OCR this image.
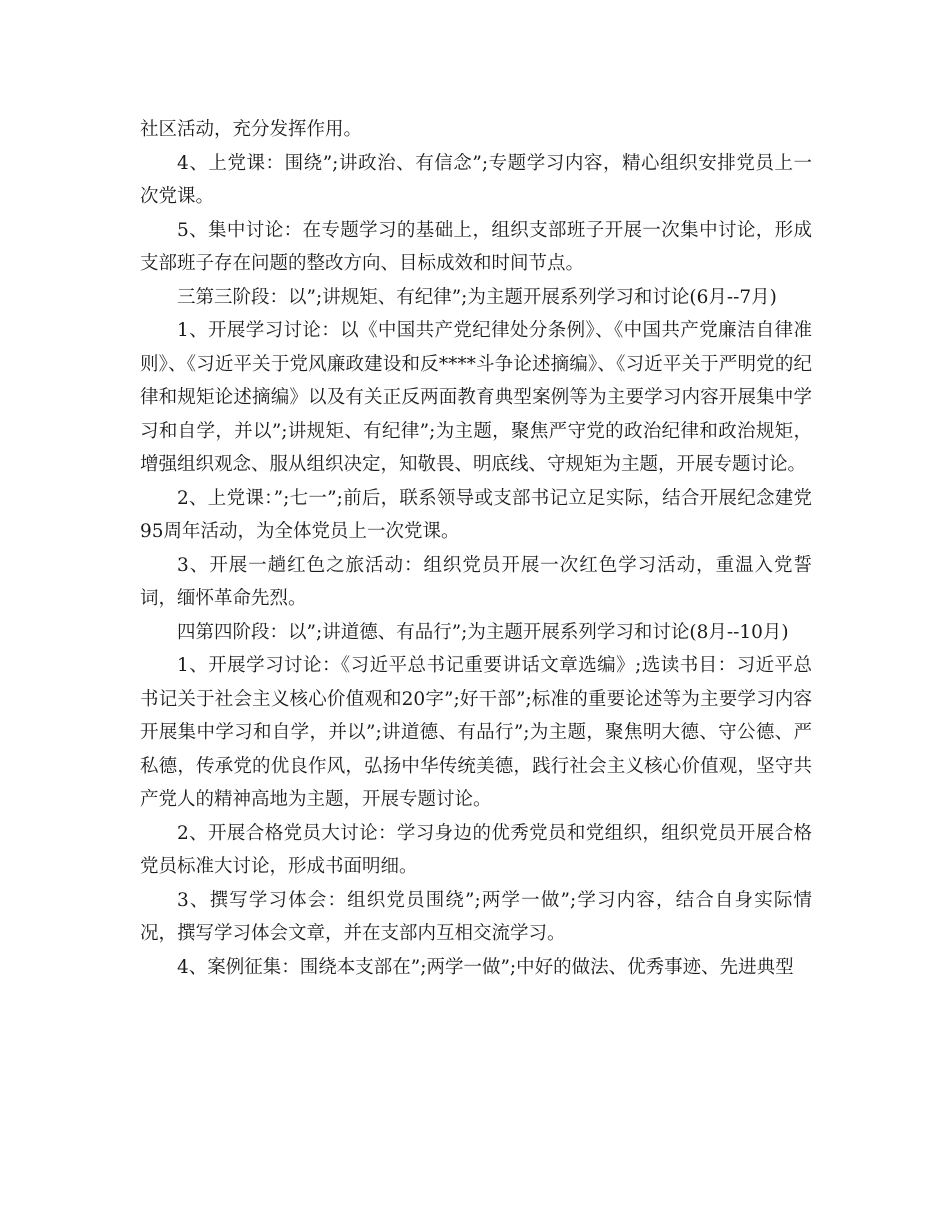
社区活动，充分发挥作用。

4、上党课：围绕”;讲政治、有信念”;专题学习内容，精心组织安排党员上一次党课。

5、集中讨论：在专题学习的基础上，组织支部班子开展一次集中讨论，形成支部班子存在问题的整改方向、目标成效和时间节点。

三第三阶段：以”;讲规矩、有纪律”;为主题开展系列学习和讨论(6月--7月)

1、开展学习讨论：以《中国共产党纪律处分条例》、《中国共产党廉洁自律准则》、《习近平关于党风廉政建设和反****斗争论述摘编》、《习近平关于严明党的纪律和规矩论述摘编》以及有关正反两面教育典型案例等为主要学习内容开展集中学习和自学，并以”;讲规矩、有纪律”;为主题，聚焦严守党的政治纪律和政治规矩，增强组织观念、服从组织决定，知敬畏、明底线、守规矩为主题，开展专题讨论。

2、上党课：”;七一”;前后，联系领导或支部书记立足实际，结合开展纪念建党95周年活动，为全体党员上一次党课。

3、开展一趟红色之旅活动：组织党员开展一次红色学习活动，重温入党誓词，缅怀革命先烈。

四第四阶段：以”;讲道德、有品行”;为主题开展系列学习和讨论(8月--10月)

1、开展学习讨论：《习近平总书记重要讲话文章选编》;选读书目：习近平总书记关于社会主义核心价值观和20字”;好干部”;标准的重要论述等为主要学习内容开展集中学习和自学，并以”;讲道德、有品行”;为主题，聚焦明大德、守公德、严私德，传承党的优良作风，弘扬中华传统美德，践行社会主义核心价值观，坚守共产党人的精神高地为主题，开展专题讨论。

2、开展合格党员大讨论：学习身边的优秀党员和党组织，组织党员开展合格党员标准大讨论，形成书面明细。

3、撰写学习体会：组织党员围绕”;两学一做”;学习内容，结合自身实际情况，撰写学习体会文章，并在支部内互相交流学习。

4、案例征集：围绕本支部在”;两学一做”;中好的做法、优秀事迹、先进典型
